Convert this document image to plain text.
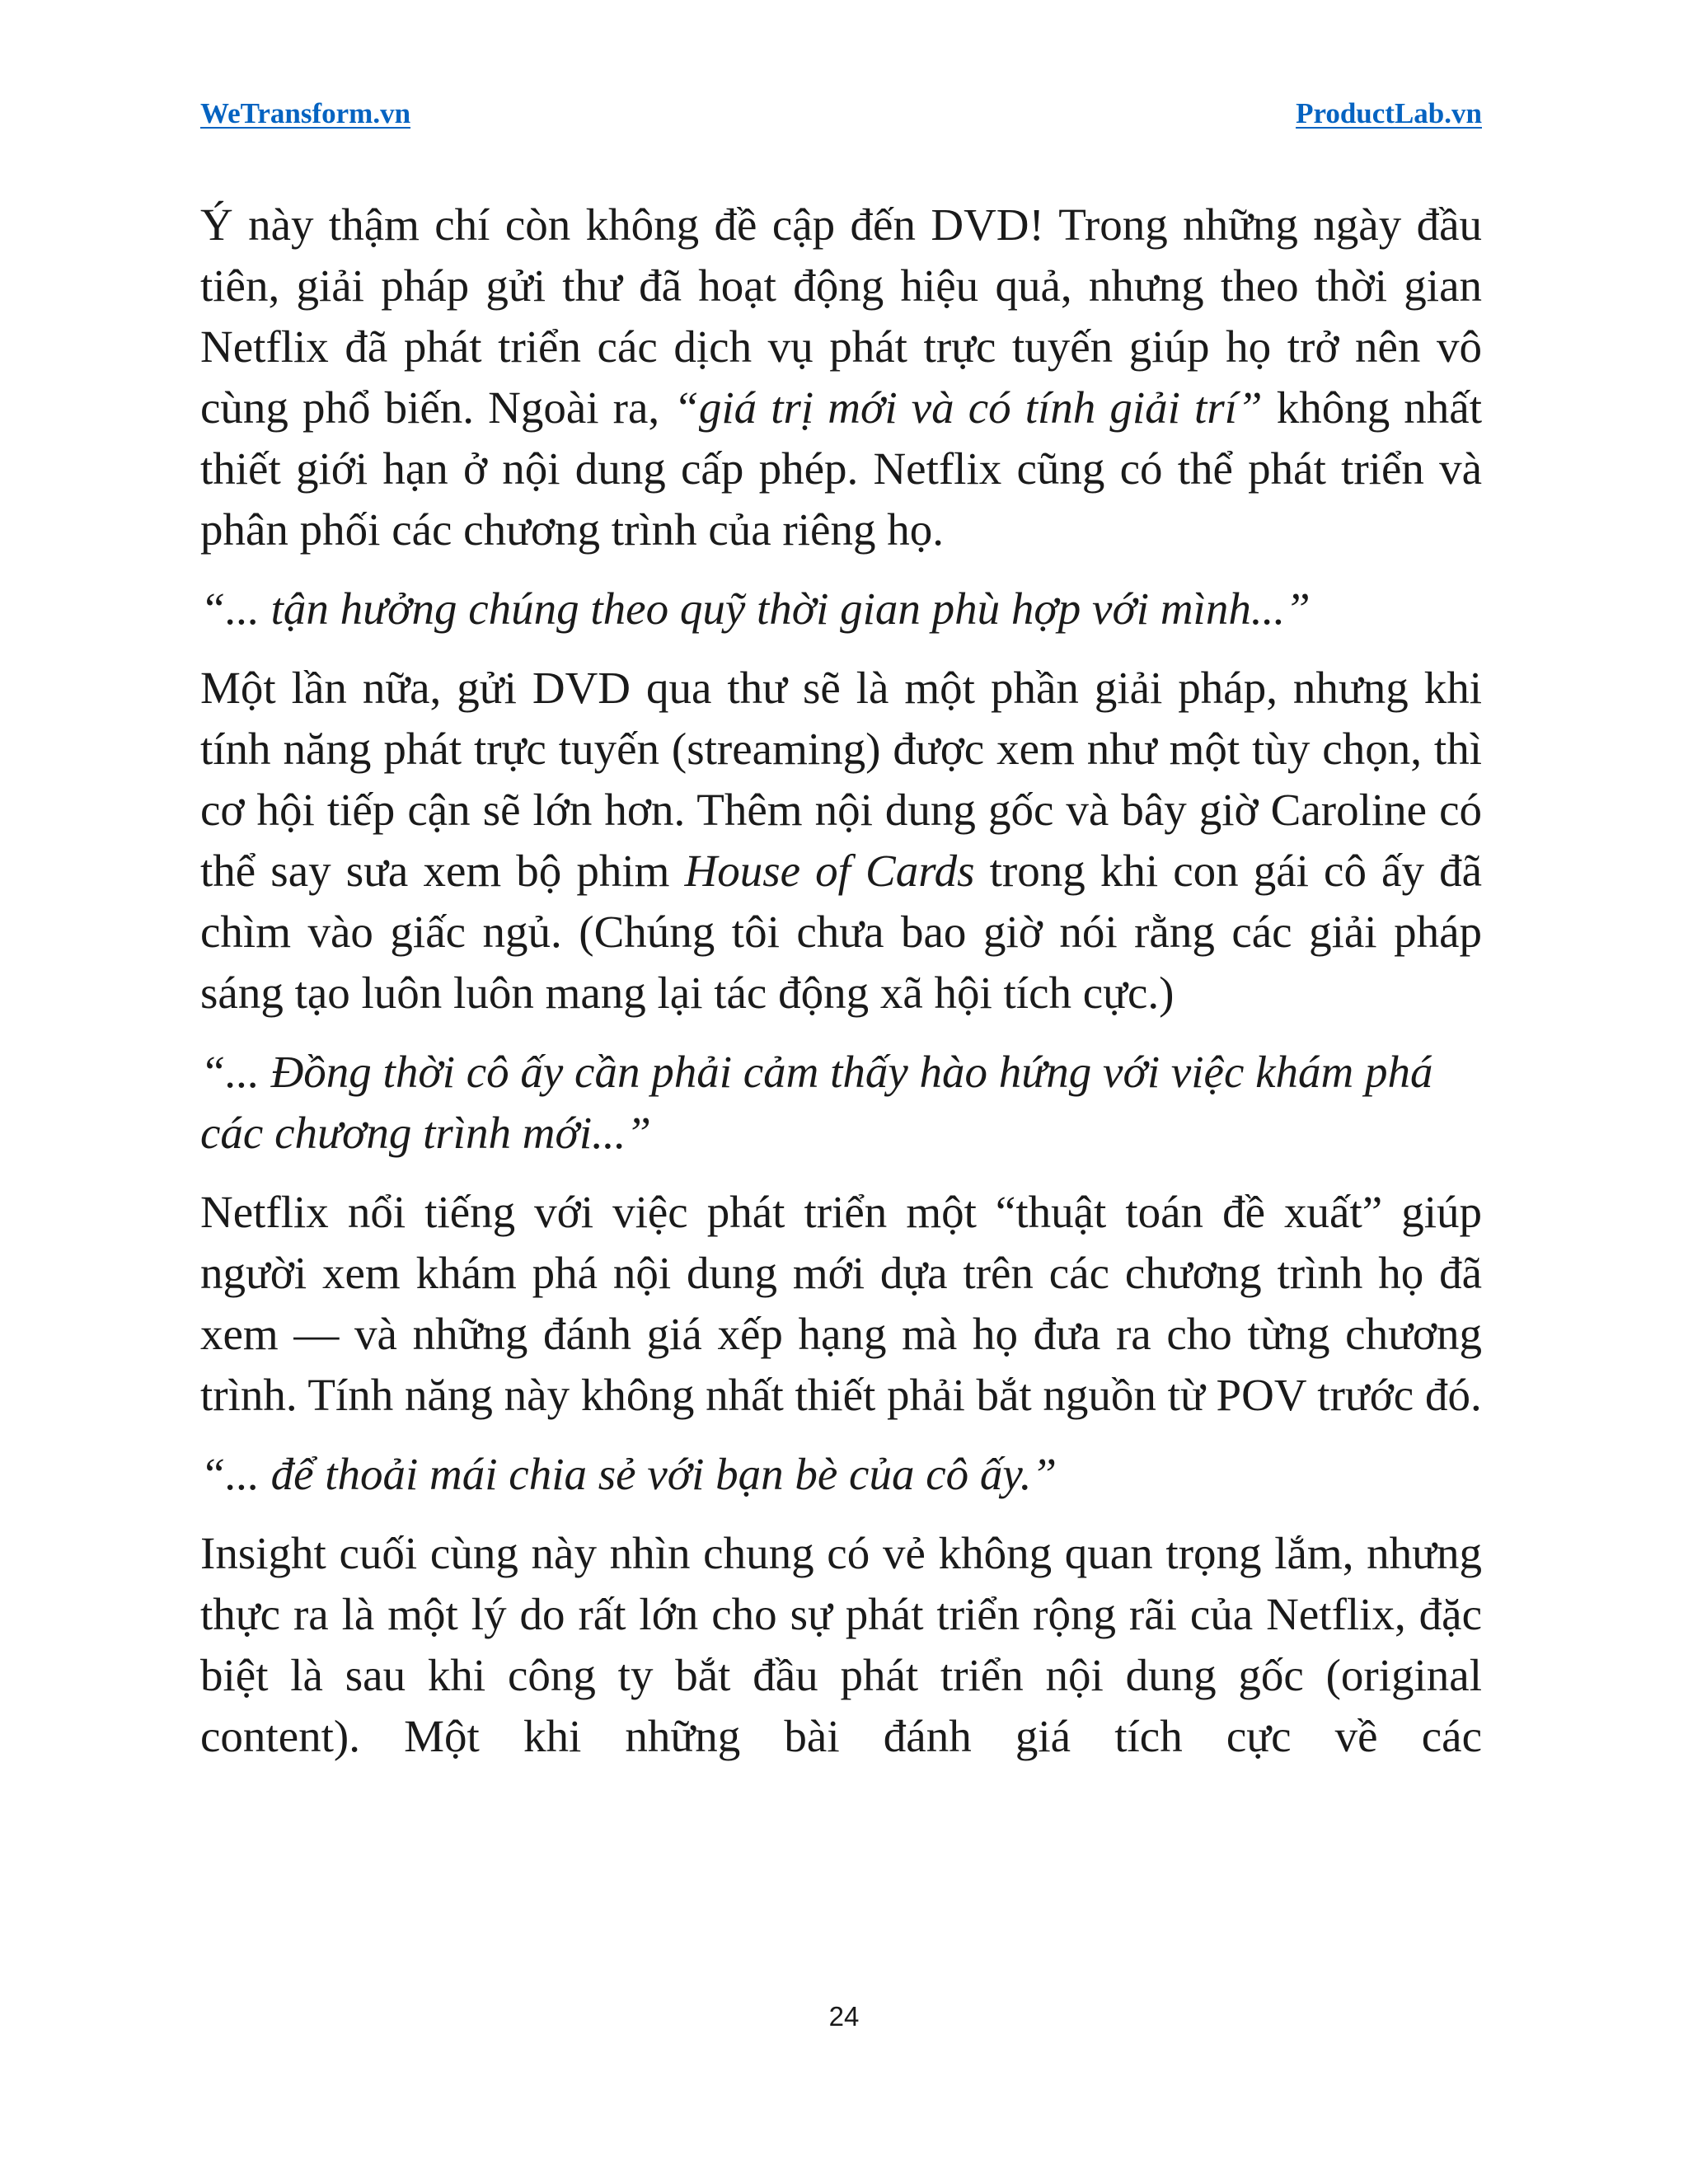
WeTransform.vn	ProductLab.vn

Ý này thậm chí còn không đề cập đến DVD! Trong những ngày đầu tiên, giải pháp gửi thư đã hoạt động hiệu quả, nhưng theo thời gian Netflix đã phát triển các dịch vụ phát trực tuyến giúp họ trở nên vô cùng phổ biến. Ngoài ra, “giá trị mới và có tính giải trí” không nhất thiết giới hạn ở nội dung cấp phép. Netflix cũng có thể phát triển và phân phối các chương trình của riêng họ.

“... tận hưởng chúng theo quỹ thời gian phù hợp với mình...”

Một lần nữa, gửi DVD qua thư sẽ là một phần giải pháp, nhưng khi tính năng phát trực tuyến (streaming) được xem như một tùy chọn, thì cơ hội tiếp cận sẽ lớn hơn. Thêm nội dung gốc và bây giờ Caroline có thể say sưa xem bộ phim House of Cards trong khi con gái cô ấy đã chìm vào giấc ngủ. (Chúng tôi chưa bao giờ nói rằng các giải pháp sáng tạo luôn luôn mang lại tác động xã hội tích cực.)

“... Đồng thời cô ấy cần phải cảm thấy hào hứng với việc khám phá các chương trình mới...”

Netflix nổi tiếng với việc phát triển một “thuật toán đề xuất” giúp người xem khám phá nội dung mới dựa trên các chương trình họ đã xem — và những đánh giá xếp hạng mà họ đưa ra cho từng chương trình. Tính năng này không nhất thiết phải bắt nguồn từ POV trước đó.

“... để thoải mái chia sẻ với bạn bè của cô ấy.”

Insight cuối cùng này nhìn chung có vẻ không quan trọng lắm, nhưng thực ra là một lý do rất lớn cho sự phát triển rộng rãi của Netflix, đặc biệt là sau khi công ty bắt đầu phát triển nội dung gốc (original content). Một khi những bài đánh giá tích cực về các

24
